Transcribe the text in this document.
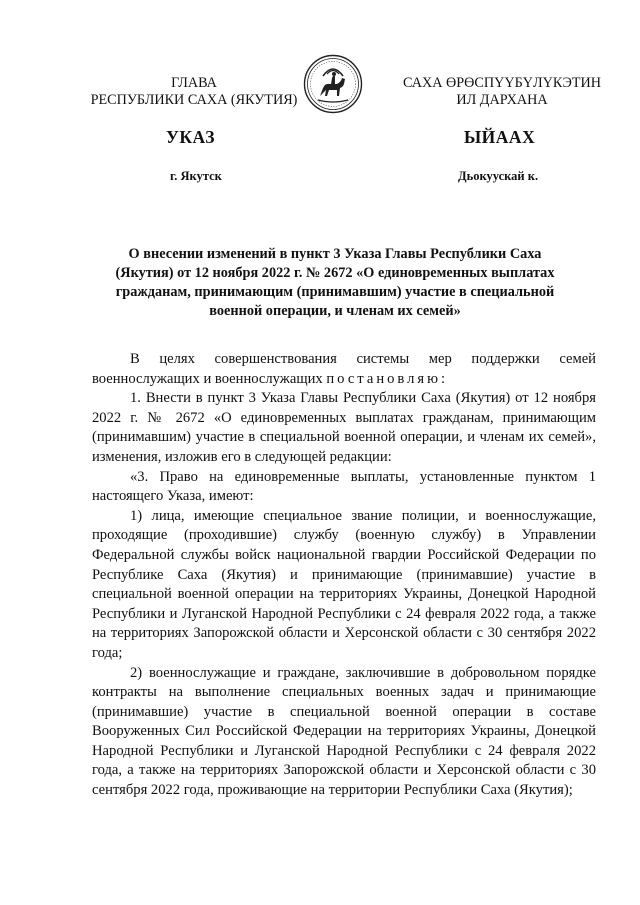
ГЛАВА
РЕСПУБЛИКИ САХА (ЯКУТИЯ)
САХА ӨРӨСПҮҮБҮЛҮКЭТИН
ИЛ ДАРХАНА
УКАЗ	ЫЙААХ
г. Якутск	Дьокуускай к.
О внесении изменений в пункт 3 Указа Главы Республики Саха
(Якутия) от 12 ноября 2022 г. № 2672 «О единовременных выплатах
гражданам, принимающим (принимавшим) участие в специальной
военной операции, и членам их семей»

В целях совершенствования системы мер поддержки семей военнослужащих и военнослужащих постановляю:

1. Внести в пункт 3 Указа Главы Республики Саха (Якутия) от 12 ноября 2022 г. № 2672 «О единовременных выплатах гражданам, принимающим (принимавшим) участие в специальной военной операции, и членам их семей», изменения, изложив его в следующей редакции:

«3. Право на единовременные выплаты, установленные пунктом 1 настоящего Указа, имеют:

1) лица, имеющие специальное звание полиции, и военнослужащие, проходящие (проходившие) службу (военную службу) в Управлении Федеральной службы войск национальной гвардии Российской Федерации по Республике Саха (Якутия) и принимающие (принимавшие) участие в специальной военной операции на территориях Украины, Донецкой Народной Республики и Луганской Народной Республики с 24 февраля 2022 года, а также на территориях Запорожской области и Херсонской области с 30 сентября 2022 года;

2) военнослужащие и граждане, заключившие в добровольном порядке контракты на выполнение специальных военных задач и принимающие (принимавшие) участие в специальной военной операции в составе Вооруженных Сил Российской Федерации на территориях Украины, Донецкой Народной Республики и Луганской Народной Республики с 24 февраля 2022 года, а также на территориях Запорожской области и Херсонской области с 30 сентября 2022 года, проживающие на территории Республики Саха (Якутия);
